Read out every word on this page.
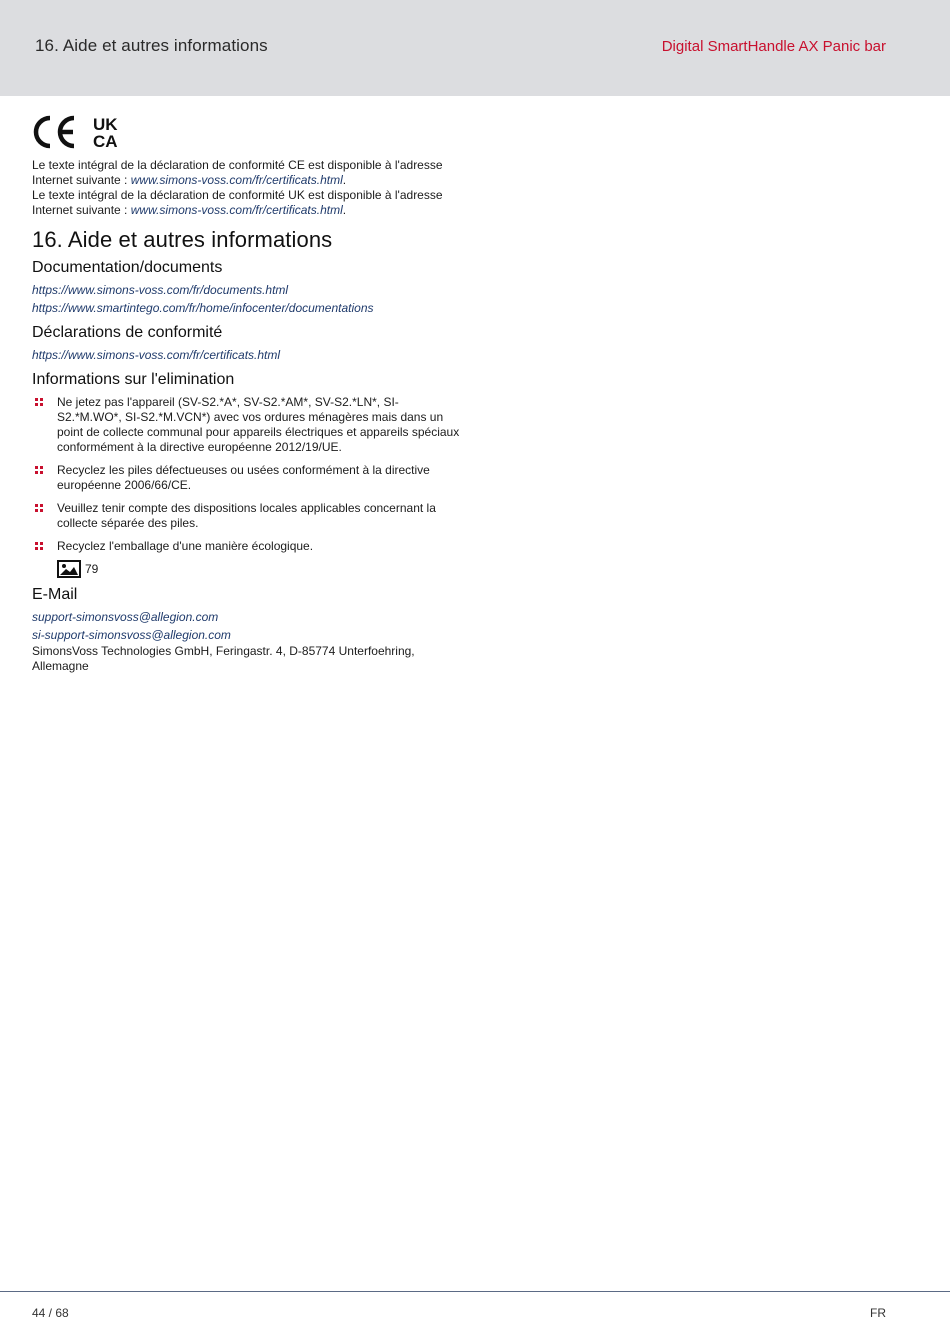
16. Aide et autres informations	Digital SmartHandle AX Panic bar
UK
CA

Le texte intégral de la déclaration de conformité CE est disponible à l'adresse Internet suivante : www.simons-voss.com/fr/certificats.html.

Le texte intégral de la déclaration de conformité UK est disponible à l'adresse Internet suivante : www.simons-voss.com/fr/certificats.html.

16. Aide et autres informations
Documentation/documents
https://www.simons-voss.com/fr/documents.html
https://www.smartintego.com/fr/home/infocenter/documentations
Déclarations de conformité
https://www.simons-voss.com/fr/certificats.html
Informations sur l'elimination
Ne jetez pas l'appareil (SV-S2.*A*, SV-S2.*AM*, SV-S2.*LN*, SI-S2.*M.WO*, SI-S2.*M.VCN*) avec vos ordures ménagères mais dans un point de collecte communal pour appareils électriques et appareils spéciaux conformément à la directive européenne 2012/19/UE.
Recyclez les piles défectueuses ou usées conformément à la directive européenne 2006/66/CE.
Veuillez tenir compte des dispositions locales applicables concernant la collecte séparée des piles.
Recyclez l'emballage d'une manière écologique.
79
E-Mail
support-simonsvoss@allegion.com
si-support-simonsvoss@allegion.com

SimonsVoss Technologies GmbH, Feringastr. 4, D-85774 Unterfoehring, Allemagne

44 / 68	FR
